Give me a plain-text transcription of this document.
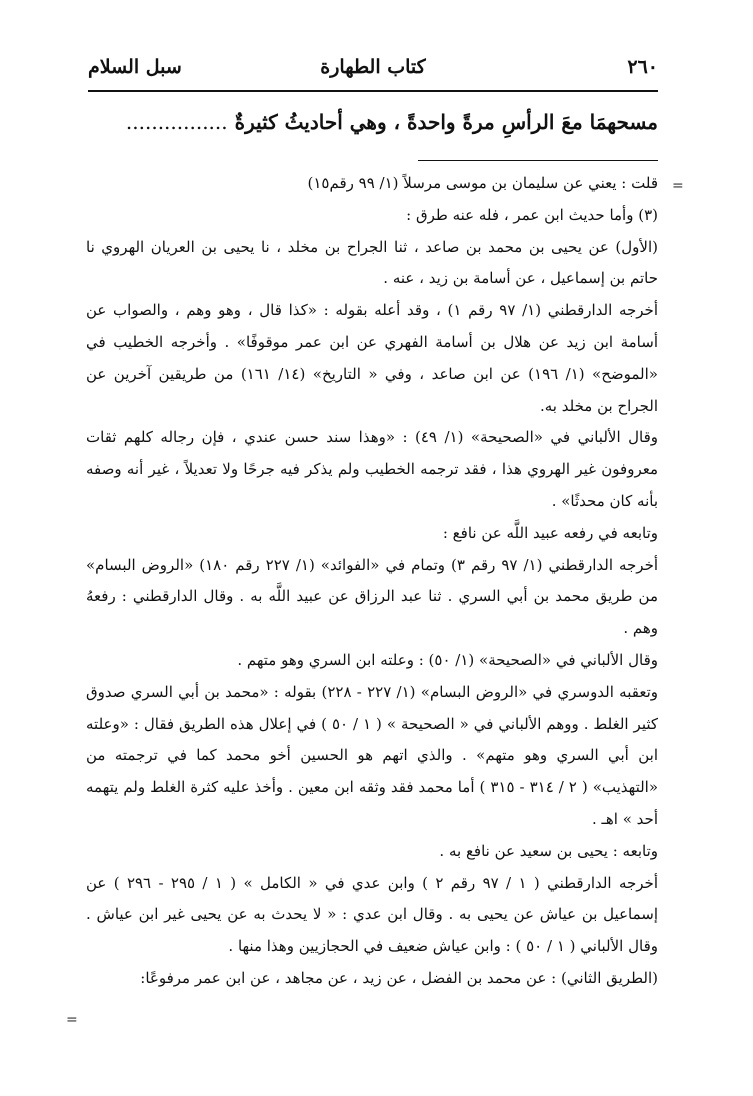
٢٦٠
كتاب الطهارة
سبل السلام
مسحهمَا معَ الرأسِ مرةً واحدةً ، وهي أحاديثُ كثيرةٌ ................
=
=

قلت : يعني عن سليمان بن موسى مرسلاً (١/ ٩٩ رقم١٥)

(٣) وأما حديث ابن عمر ، فله عنه طرق :

(الأول) عن يحيى بن محمد بن صاعد ، ثنا الجراح بن مخلد ، نا يحيى بن العريان الهروي نا حاتم بن إسماعيل ، عن أسامة بن زيد ، عنه .

أخرجه الدارقطني (١/ ٩٧ رقم ١) ، وقد أعله بقوله : «كذا قال ، وهو وهم ، والصواب عن أسامة ابن زيد عن هلال بن أسامة الفهري عن ابن عمر موقوفًا» . وأخرجه الخطيب في «الموضح» (١/ ١٩٦) عن ابن صاعد ، وفي « التاريخ» (١٤/ ١٦١) من طريقين آخرين عن الجراح بن مخلد به.

وقال الألباني في «الصحيحة» (١/ ٤٩) : «وهذا سند حسن عندي ، فإن رجاله كلهم ثقات معروفون غير الهروي هذا ، فقد ترجمه الخطيب ولم يذكر فيه جرحًا ولا تعديلاً ، غير أنه وصفه بأنه كان محدثًا» .

وتابعه في رفعه عبيد اللَّه عن نافع :

أخرجه الدارقطني (١/ ٩٧ رقم ٣) وتمام في «الفوائد» (١/ ٢٢٧ رقم ١٨٠) «الروض البسام» من طريق محمد بن أبي السري . ثنا عبد الرزاق عن عبيد اللَّه به . وقال الدارقطني : رفعهُ وهم .

وقال الألباني في «الصحيحة» (١/ ٥٠) : وعلته ابن السري وهو متهم .

وتعقبه الدوسري في «الروض البسام» (١/ ٢٢٧ - ٢٢٨) بقوله : «محمد بن أبي السري صدوق كثير الغلط . ووهم الألباني في « الصحيحة » ( ١ / ٥٠ ) في إعلال هذه الطريق فقال : «وعلته ابن أبي السري وهو متهم» . والذي اتهم هو الحسين أخو محمد كما في ترجمته من «التهذيب» ( ٢ / ٣١٤ - ٣١٥ ) أما محمد فقد وثقه ابن معين . وأخذ عليه كثرة الغلط ولم يتهمه أحد » اهـ .

وتابعه : يحيى بن سعيد عن نافع به .

أخرجه الدارقطني ( ١ / ٩٧ رقم ٢ ) وابن عدي في « الكامل » ( ١ / ٢٩٥ - ٢٩٦ ) عن إسماعيل بن عياش عن يحيى به . وقال ابن عدي : « لا يحدث به عن يحيى غير ابن عياش . وقال الألباني ( ١ / ٥٠ ) : وابن عياش ضعيف في الحجازيين وهذا منها .

(الطريق الثاني) : عن محمد بن الفضل ، عن زيد ، عن مجاهد ، عن ابن عمر مرفوعًا:
